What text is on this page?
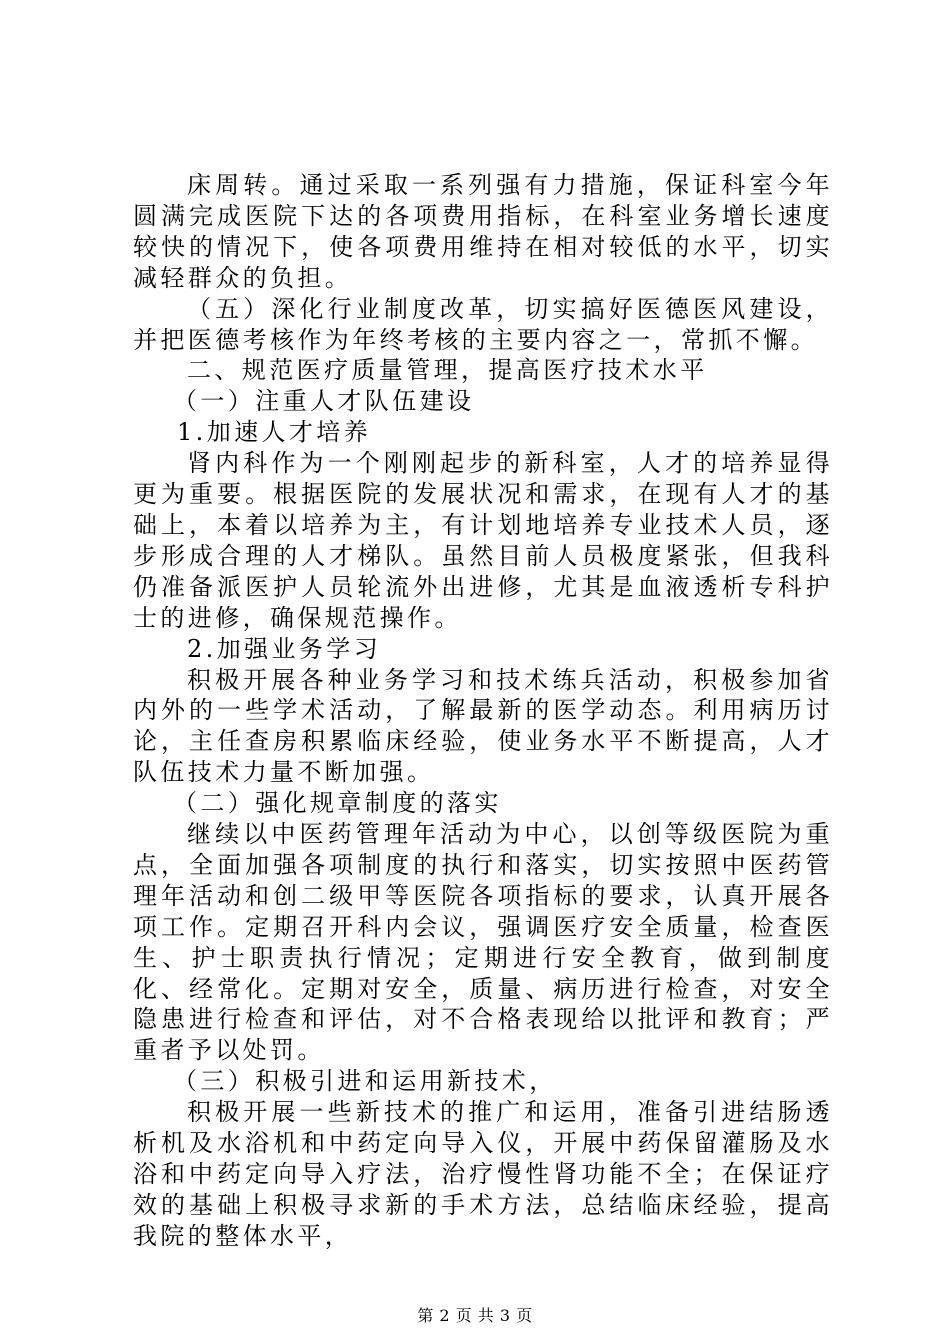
床周转。通过采取一系列强有力措施，保证科室今年圆满完成医院下达的各项费用指标，在科室业务增长速度较快的情况下，使各项费用维持在相对较低的水平，切实减轻群众的负担。

（五）深化行业制度改革，切实搞好医德医风建设，并把医德考核作为年终考核的主要内容之一，常抓不懈。

二、规范医疗质量管理，提高医疗技术水平

（一）注重人才队伍建设

1.加速人才培养

肾内科作为一个刚刚起步的新科室，人才的培养显得更为重要。根据医院的发展状况和需求，在现有人才的基础上，本着以培养为主，有计划地培养专业技术人员，逐步形成合理的人才梯队。虽然目前人员极度紧张，但我科仍准备派医护人员轮流外出进修，尤其是血液透析专科护士的进修，确保规范操作。

2.加强业务学习

积极开展各种业务学习和技术练兵活动，积极参加省内外的一些学术活动，了解最新的医学动态。利用病历讨论，主任查房积累临床经验，使业务水平不断提高，人才队伍技术力量不断加强。

（二）强化规章制度的落实

继续以中医药管理年活动为中心，以创等级医院为重点，全面加强各项制度的执行和落实，切实按照中医药管理年活动和创二级甲等医院各项指标的要求，认真开展各项工作。定期召开科内会议，强调医疗安全质量，检查医生、护士职责执行情况；定期进行安全教育，做到制度化、经常化。定期对安全，质量、病历进行检查，对安全隐患进行检查和评估，对不合格表现给以批评和教育；严重者予以处罚。

（三）积极引进和运用新技术，

积极开展一些新技术的推广和运用，准备引进结肠透析机及水浴机和中药定向导入仪，开展中药保留灌肠及水浴和中药定向导入疗法，治疗慢性肾功能不全；在保证疗效的基础上积极寻求新的手术方法，总结临床经验，提高我院的整体水平，

第 2 页 共 3 页
